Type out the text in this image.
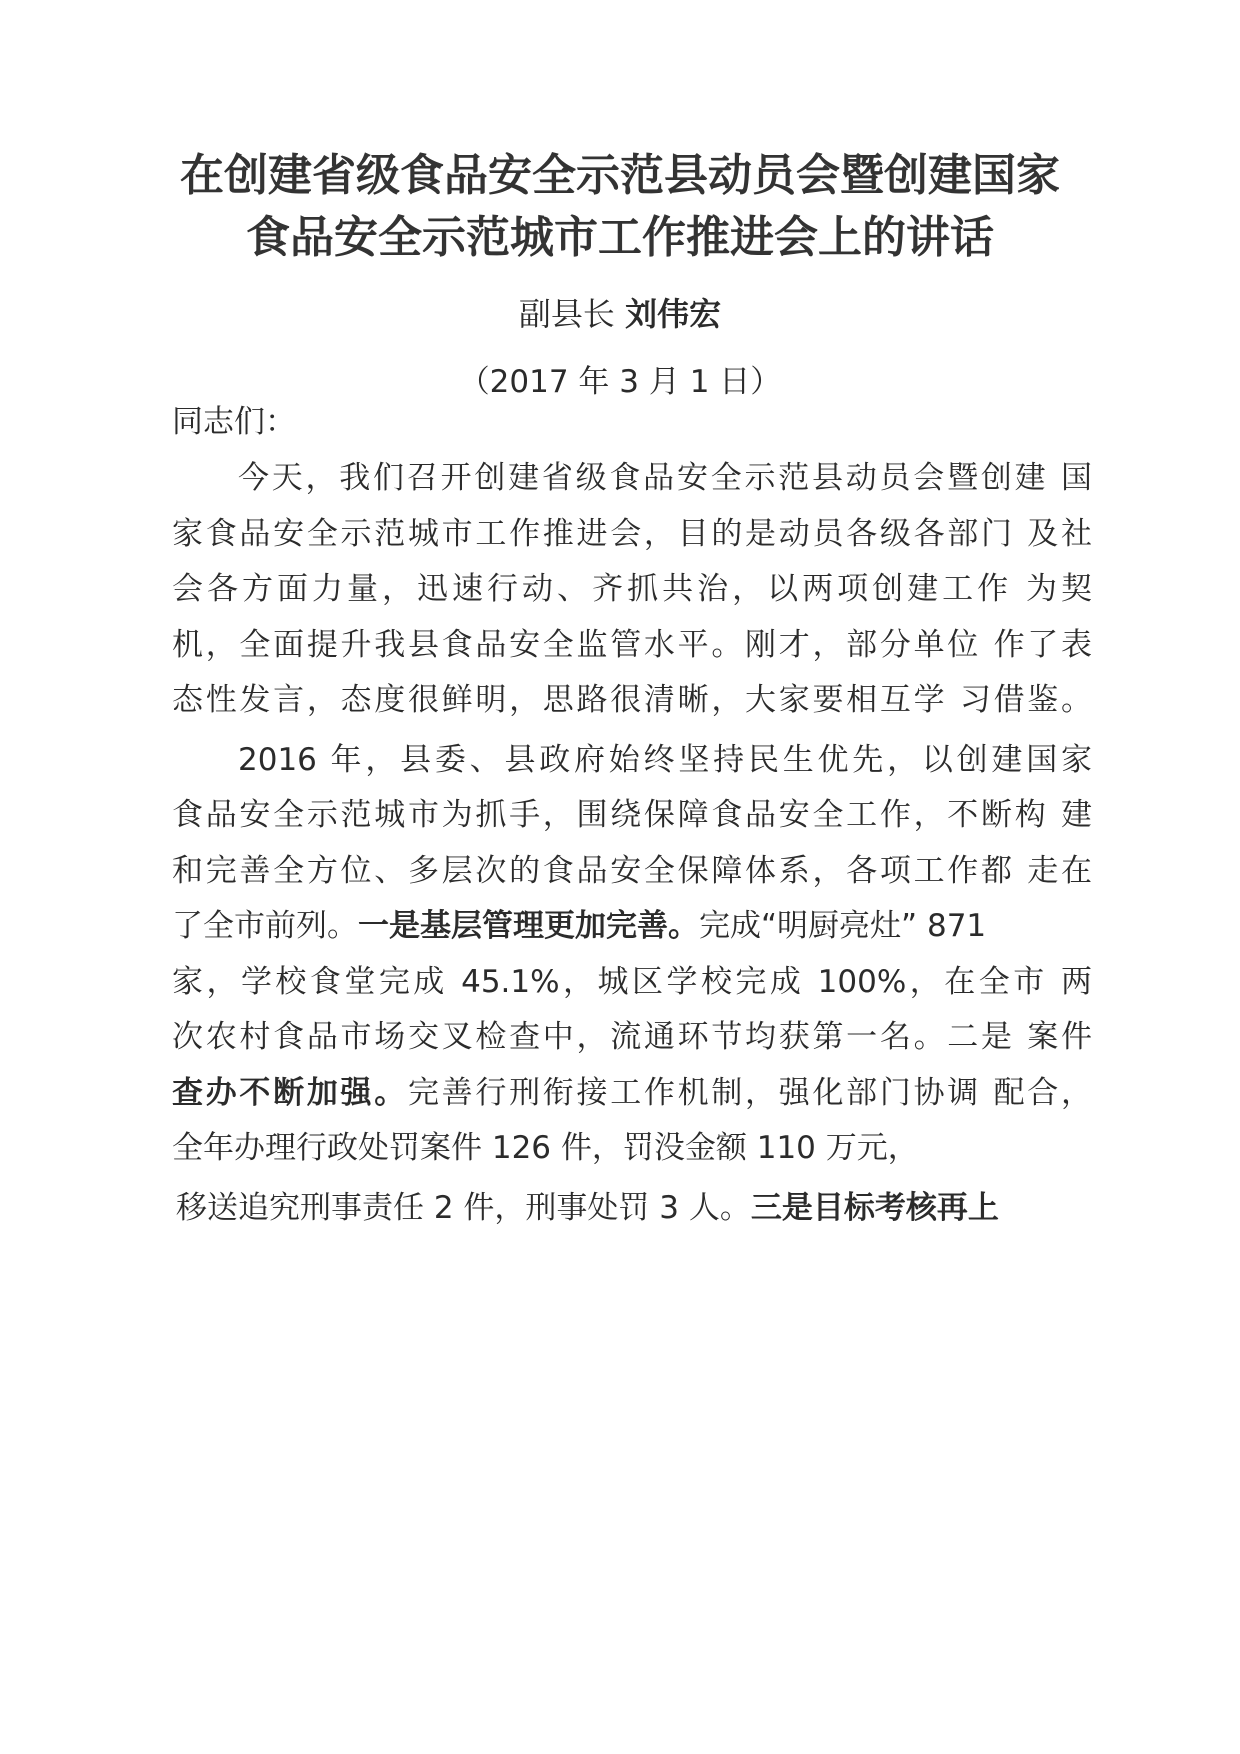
在创建省级食品安全示范县动员会暨创建国家
食品安全示范城市工作推进会上的讲话
副县长 刘伟宏
（2017 年 3 月 1 日）
同志们：
今天，我们召开创建省级食品安全示范县动员会暨创建 国
家食品安全示范城市工作推进会，目的是动员各级各部门 及社
会各方面力量，迅速行动、齐抓共治，以两项创建工作 为契
机，全面提升我县食品安全监管水平。刚才，部分单位 作了表
态性发言，态度很鲜明，思路很清晰，大家要相互学 习借鉴。
2016 年，县委、县政府始终坚持民生优先，以创建国家
食品安全示范城市为抓手，围绕保障食品安全工作，不断构 建
和完善全方位、多层次的食品安全保障体系，各项工作都 走在
了全市前列。一是基层管理更加完善。完成“明厨亮灶” 871
家，学校食堂完成 45.1%，城区学校完成 100%，在全市 两
次农村食品市场交叉检查中，流通环节均获第一名。二是 案件
查办不断加强。完善行刑衔接工作机制，强化部门协调 配合，
全年办理行政处罚案件 126 件，罚没金额 110 万元，
移送追究刑事责任 2 件，刑事处罚 3 人。三是目标考核再上
